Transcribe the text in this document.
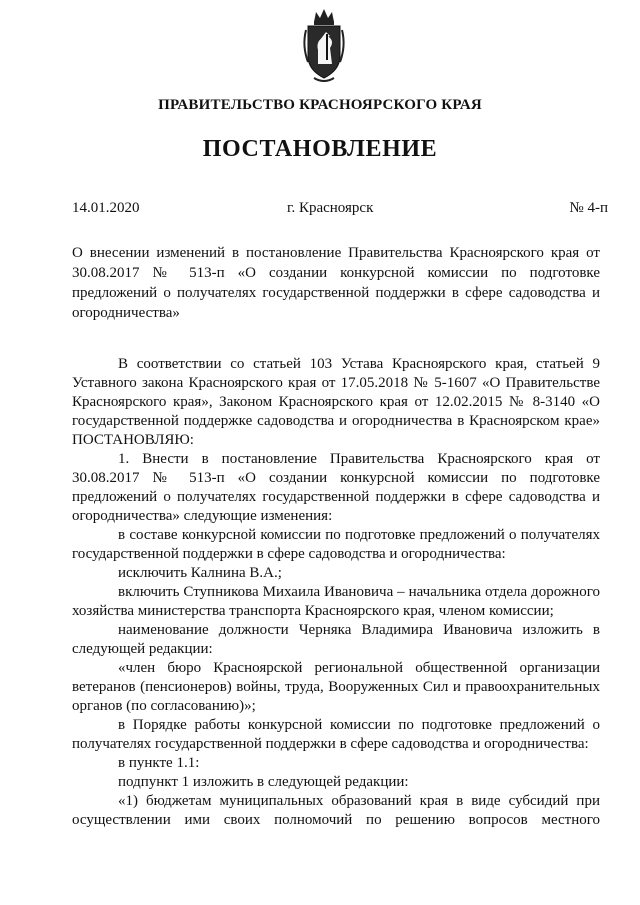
ПРАВИТЕЛЬСТВО КРАСНОЯРСКОГО КРАЯ
ПОСТАНОВЛЕНИЕ
14.01.2020	г. Красноярск	№ 4-п
О внесении изменений в постановление Правительства Красноярского края от 30.08.2017 № 513-п «О создании конкурсной комиссии по подготовке предложений о получателях государственной поддержки в сфере садоводства и огородничества»

В соответствии со статьей 103 Устава Красноярского края, статьей 9 Уставного закона Красноярского края от 17.05.2018 № 5-1607 «О Правительстве Красноярского края», Законом Красноярского края от 12.02.2015 № 8-3140 «О государственной поддержке садоводства и огородничества в Красноярском крае» ПОСТАНОВЛЯЮ:

1. Внести в постановление Правительства Красноярского края от 30.08.2017 № 513-п «О создании конкурсной комиссии по подготовке предложений о получателях государственной поддержки в сфере садоводства и огородничества» следующие изменения:

в составе конкурсной комиссии по подготовке предложений о получателях государственной поддержки в сфере садоводства и огородничества:

исключить Калнина В.А.;

включить Ступникова Михаила Ивановича – начальника отдела дорожного хозяйства министерства транспорта Красноярского края, членом комиссии;

наименование должности Черняка Владимира Ивановича изложить в следующей редакции:

«член бюро Красноярской региональной общественной организации ветеранов (пенсионеров) войны, труда, Вооруженных Сил и правоохранительных органов (по согласованию)»;

в Порядке работы конкурсной комиссии по подготовке предложений о получателях государственной поддержки в сфере садоводства и огородничества:

в пункте 1.1:

подпункт 1 изложить в следующей редакции:

«1) бюджетам муниципальных образований края в виде субсидий при осуществлении ими своих полномочий по решению вопросов местного
